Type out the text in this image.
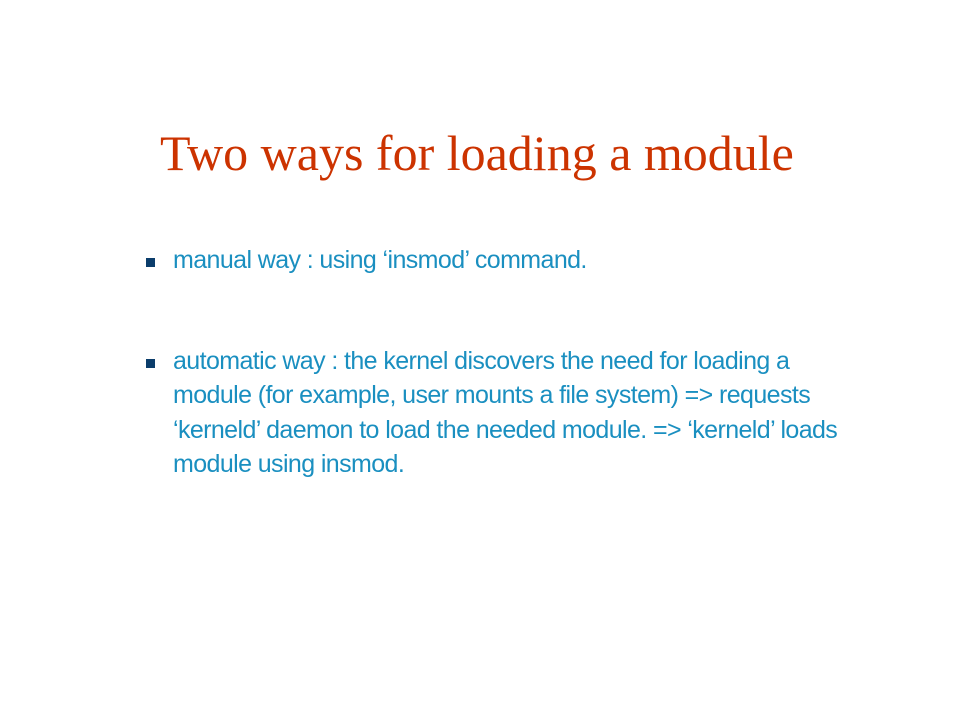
Two ways for loading a module
manual way : using ‘insmod’ command.
automatic way : the kernel discovers the need for loading a module (for example, user mounts a file system) => requests ‘kerneld’ daemon to load the needed module. => ‘kerneld’ loads module using insmod.
